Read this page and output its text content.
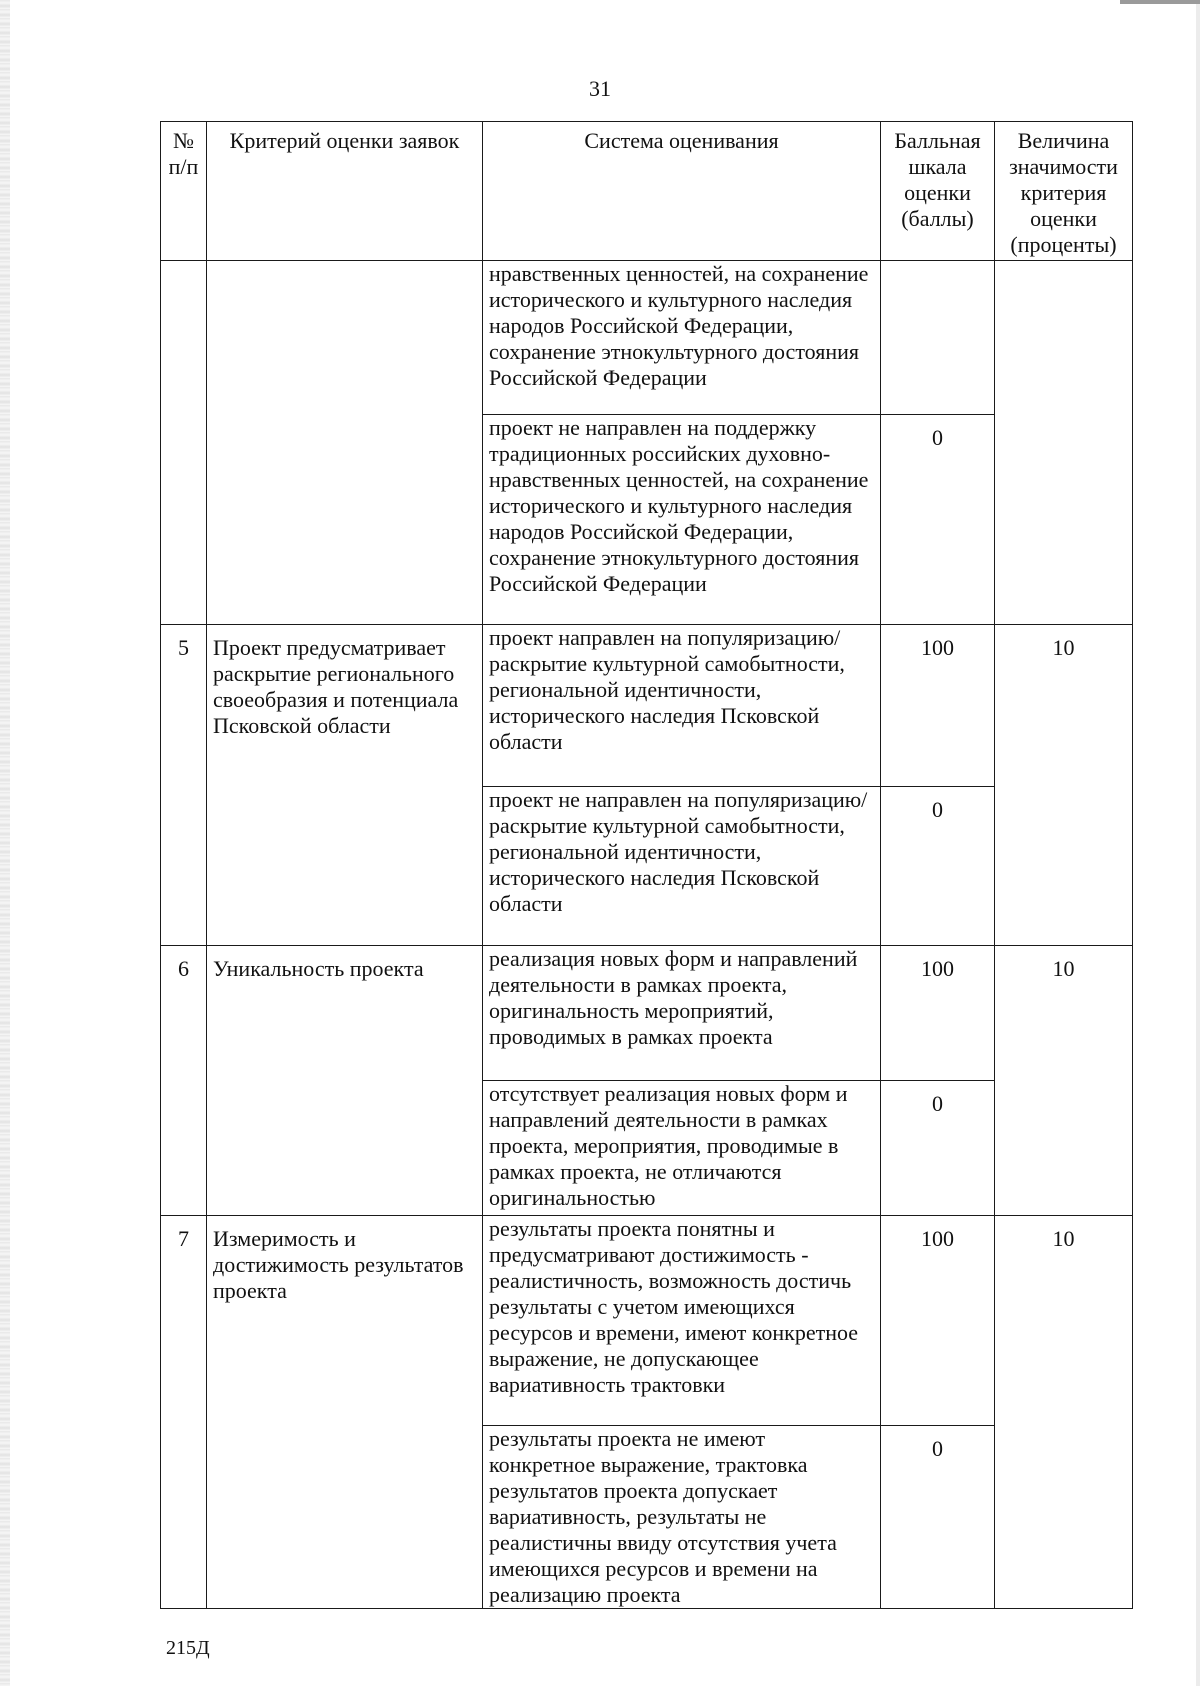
31
№ п/п	Критерий оценки заявок	Система оценивания	Балльная шкала оценки (баллы)	Величина значимости критерия оценки (проценты)
		нравственных ценностей, на сохранение исторического и культурного наследия народов Российской Федерации, сохранение этнокультурного достояния Российской Федерации		
		проект не направлен на поддержку традиционных российских духовно-нравственных ценностей, на сохранение исторического и культурного наследия народов Российской Федерации, сохранение этнокультурного достояния Российской Федерации	0	
5	Проект предусматривает раскрытие регионального своеобразия и потенциала Псковской области	проект направлен на популяризацию/раскрытие культурной самобытности, региональной идентичности, исторического наследия Псковской области	100	10
		проект не направлен на популяризацию/раскрытие культурной самобытности, региональной идентичности, исторического наследия Псковской области	0	
6	Уникальность проекта	реализация новых форм и направлений деятельности в рамках проекта, оригинальность мероприятий, проводимых в рамках проекта	100	10
		отсутствует реализация новых форм и направлений деятельности в рамках проекта, мероприятия, проводимые в рамках проекта, не отличаются оригинальностью	0	
7	Измеримость и достижимость результатов проекта	результаты проекта понятны и предусматривают достижимость - реалистичность, возможность достичь результаты с учетом имеющихся ресурсов и времени, имеют конкретное выражение, не допускающее вариативность трактовки	100	10
		результаты проекта не имеют конкретное выражение, трактовка результатов проекта допускает вариативность, результаты не реалистичны ввиду отсутствия учета имеющихся ресурсов и времени на реализацию проекта	0	
215Д
